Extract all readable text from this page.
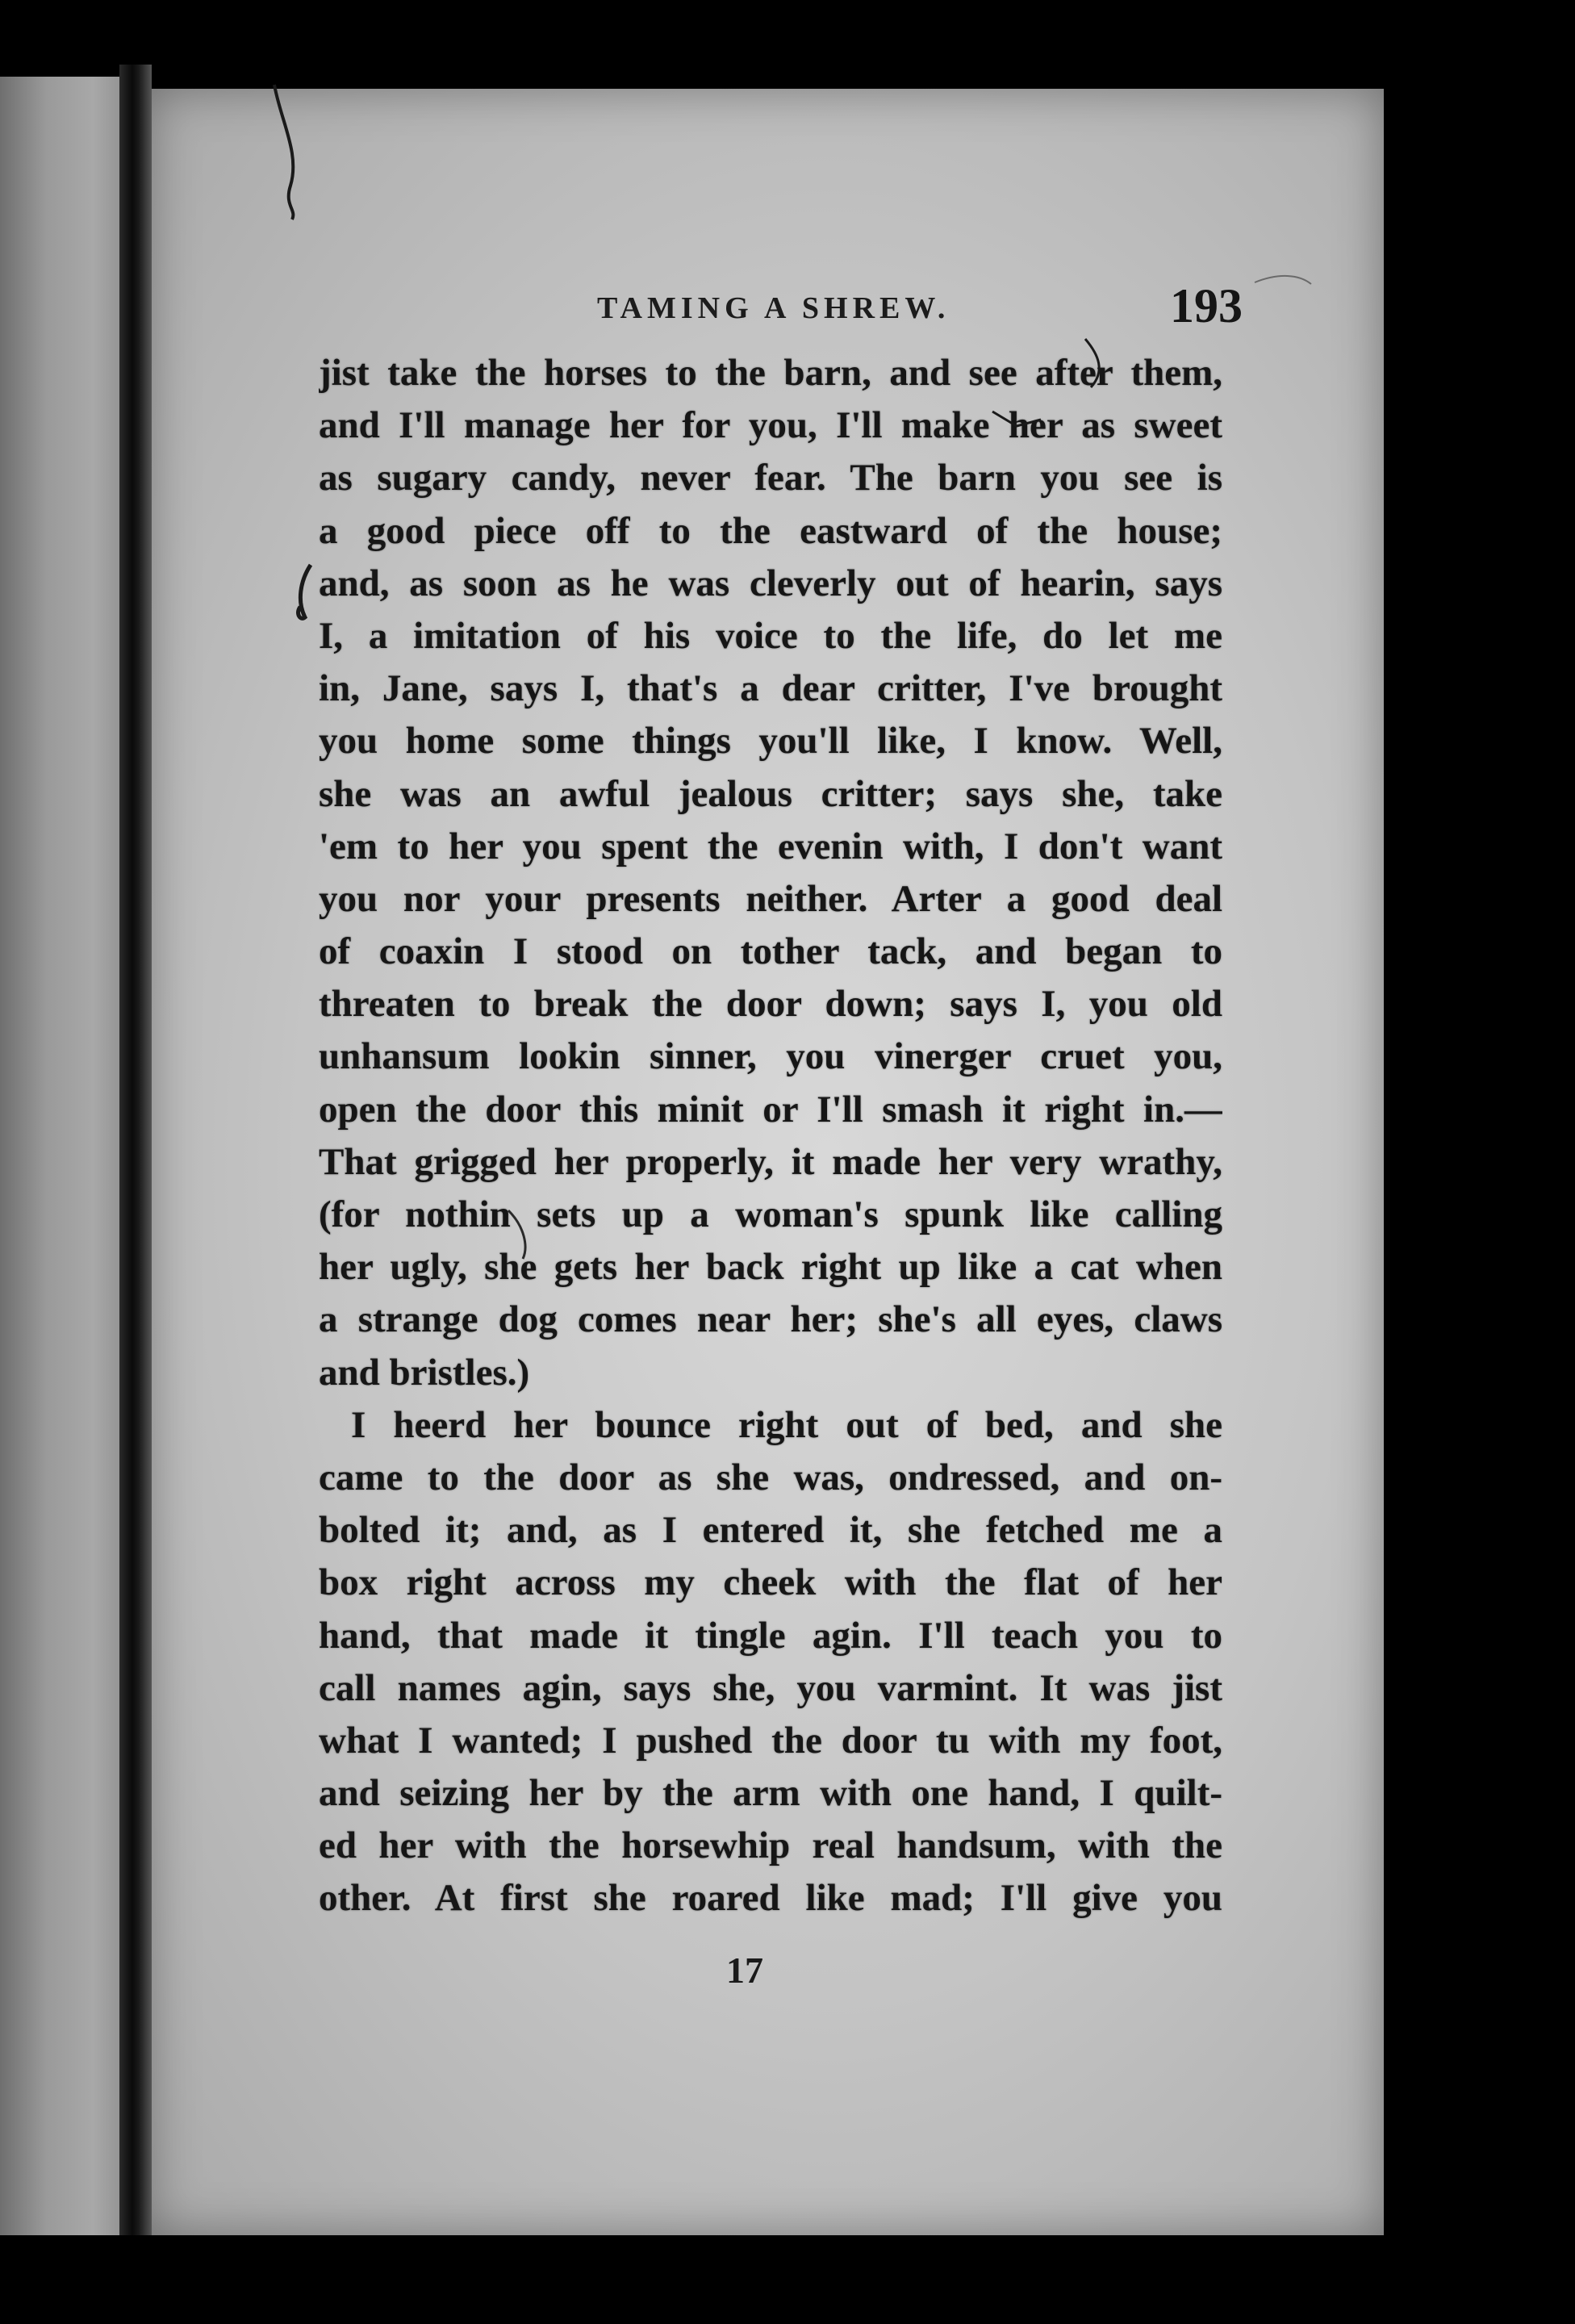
TAMING A SHREW.	193
jist take the horses to the barn, and see after them,
and I'll manage her for you, I'll make her as sweet
as sugary candy, never fear. The barn you see is
a good piece off to the eastward of the house;
and, as soon as he was cleverly out of hearin, says
I, a imitation of his voice to the life, do let me
in, Jane, says I, that's a dear critter, I've brought
you home some things you'll like, I know. Well,
she was an awful jealous critter; says she, take
'em to her you spent the evenin with, I don't want
you nor your presents neither. Arter a good deal
of coaxin I stood on tother tack, and began to
threaten to break the door down; says I, you old
unhansum lookin sinner, you vinerger cruet you,
open the door this minit or I'll smash it right in.—
That grigged her properly, it made her very wrathy,
(for nothin sets up a woman's spunk like calling
her ugly, she gets her back right up like a cat when
a strange dog comes near her; she's all eyes, claws
and bristles.)
I heerd her bounce right out of bed, and she
came to the door as she was, ondressed, and on-
bolted it; and, as I entered it, she fetched me a
box right across my cheek with the flat of her
hand, that made it tingle agin. I'll teach you to
call names agin, says she, you varmint. It was jist
what I wanted; I pushed the door tu with my foot,
and seizing her by the arm with one hand, I quilt-
ed her with the horsewhip real handsum, with the
other. At first she roared like mad; I'll give you
17
